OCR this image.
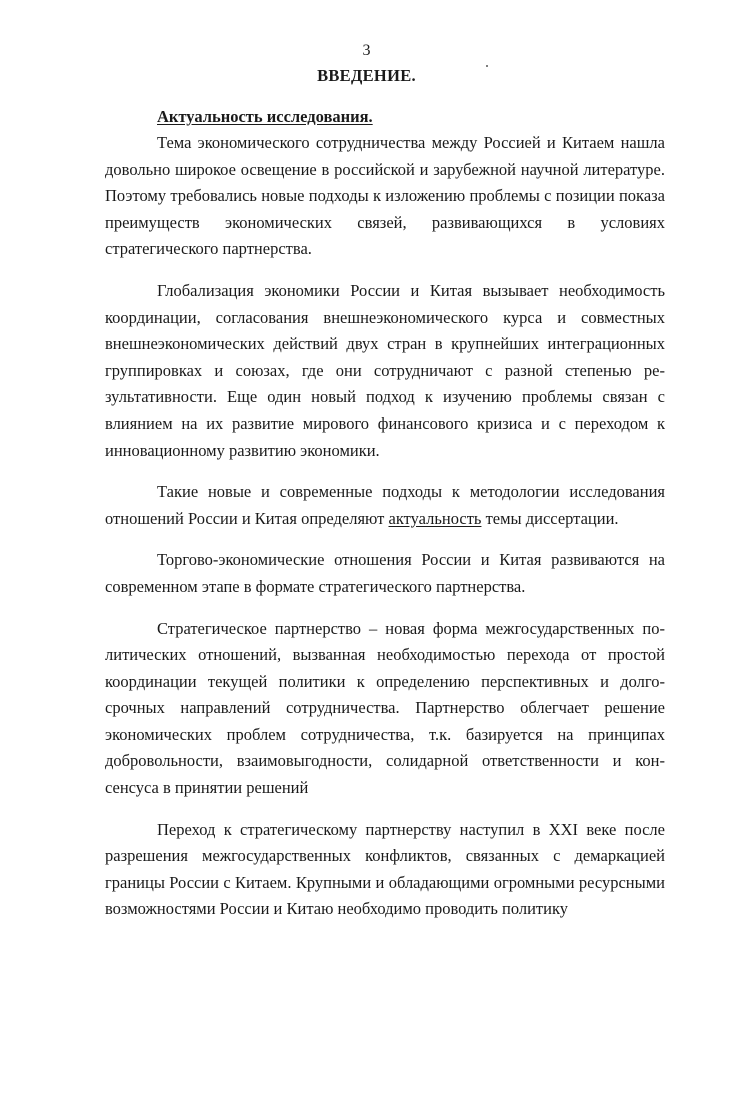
3

ВВЕДЕНИЕ.
Актуальность исследования.

Тема экономического сотрудничества между Россией и Китаем нашла довольно широкое освещение в российской и зарубежной научной литературе. Поэтому требовались новые подходы к изложению проблемы с позиции показа преимуществ экономических связей, развивающихся в условиях стратегического партнерства.

Глобализация экономики России и Китая вызывает необходимость координации, согласования внешнеэкономического курса и совместных внешнеэкономических действий двух стран в крупнейших интеграционных группировках и союзах, где они сотрудничают с разной степенью результативности. Еще один новый подход к изучению проблемы связан с влиянием на их развитие мирового финансового кризиса и с переходом к инновационному развитию экономики.

Такие новые и современные подходы к методологии исследования отношений России и Китая определяют актуальность темы диссертации.

Торгово-экономические отношения России и Китая развиваются на современном этапе в формате стратегического партнерства.

Стратегическое партнерство – новая форма межгосударственных политических отношений, вызванная необходимостью перехода от простой координации текущей политики к определению перспективных и долгосрочных направлений сотрудничества. Партнерство облегчает решение экономических проблем сотрудничества, т.к. базируется на принципах добровольности, взаимовыгодности, солидарной ответственности и консенсуса в принятии решений

Переход к стратегическому партнерству наступил в XXI веке после разрешения межгосударственных конфликтов, связанных с демаркацией границы России с Китаем. Крупными и обладающими огромными ресурсными возможностями России и Китаю необходимо проводить политику
